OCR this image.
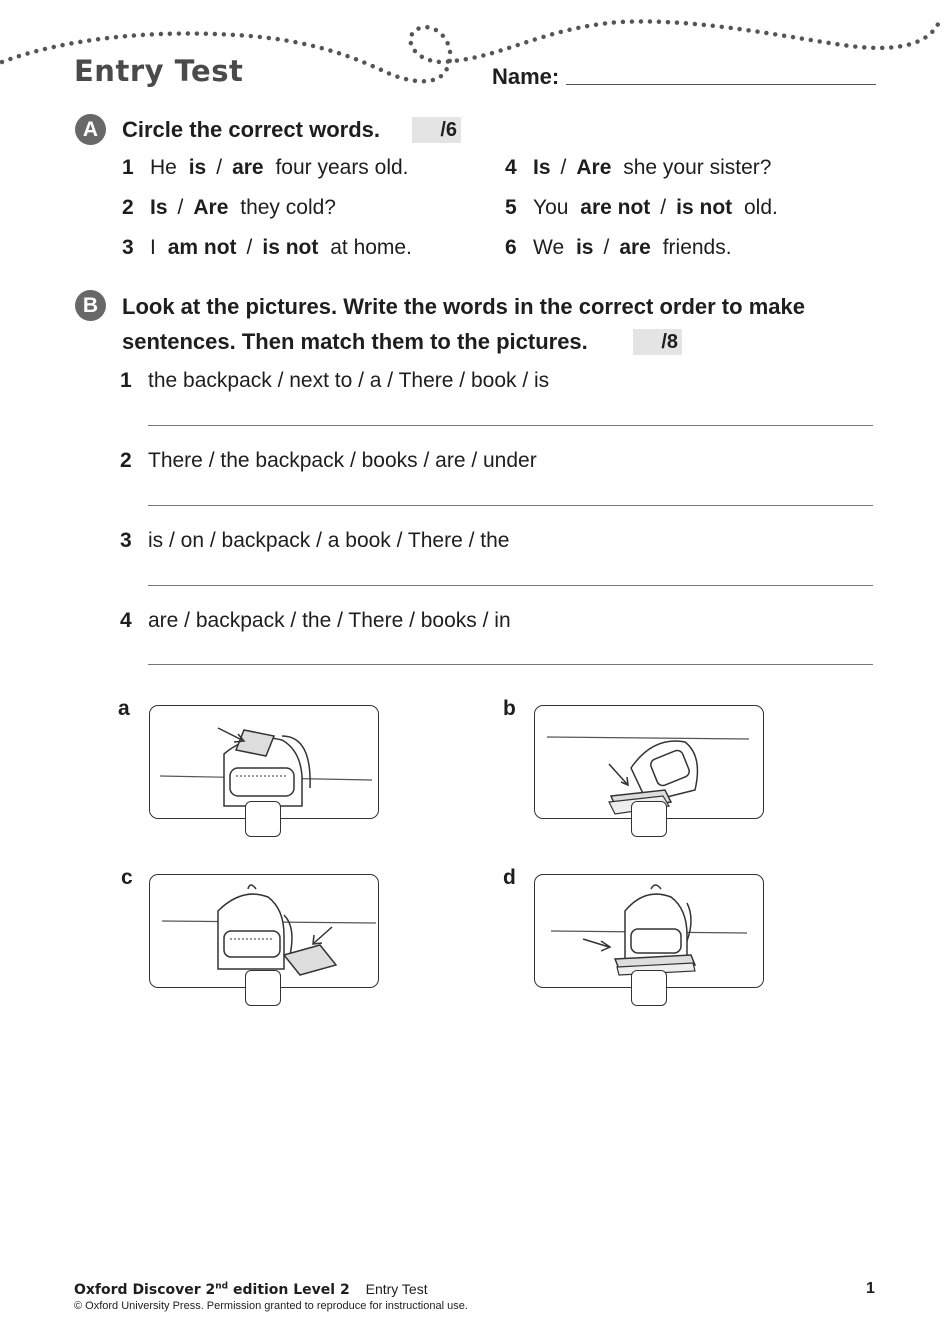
Entry Test	Name:
A	Circle the correct words.	/6
1 He is / are four years old.
2 Is / Are they cold?
3 I am not / is not at home.
4 Is / Are she your sister?
5 You are not / is not old.
6 We is / are friends.
B	Look at the pictures. Write the words in the correct order to make
sentences. Then match them to the pictures.	/8
1 the backpack / next to / a / There / book / is
2 There / the backpack / books / are / under
3 is / on / backpack / a book / There / the
4 are / backpack / the / There / books / in
a	b
c	d
Oxford Discover 2nd edition Level 2 Entry Test
© Oxford University Press. Permission granted to reproduce for instructional use.
1
